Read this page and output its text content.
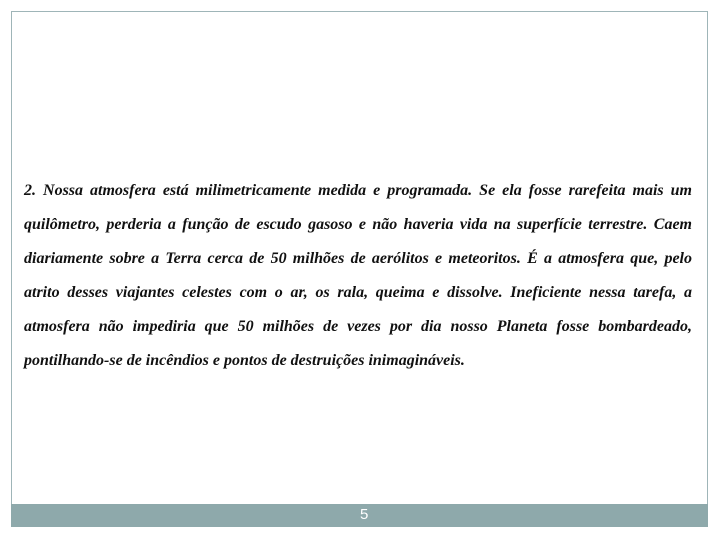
2. Nossa atmosfera está milimetricamente medida e programada. Se ela fosse rarefeita mais um quilômetro, perderia a função de escudo gasoso e não haveria vida na superfície terrestre. Caem diariamente sobre a Terra cerca de 50 milhões de aerólitos e meteoritos. É a atmosfera que, pelo atrito desses viajantes celestes com o ar, os rala, queima e dissolve. Ineficiente nessa tarefa, a atmosfera não impediria que 50 milhões de vezes por dia nosso Planeta fosse bombardeado, pontilhando-se de incêndios e pontos de destruições inimagináveis.

5
